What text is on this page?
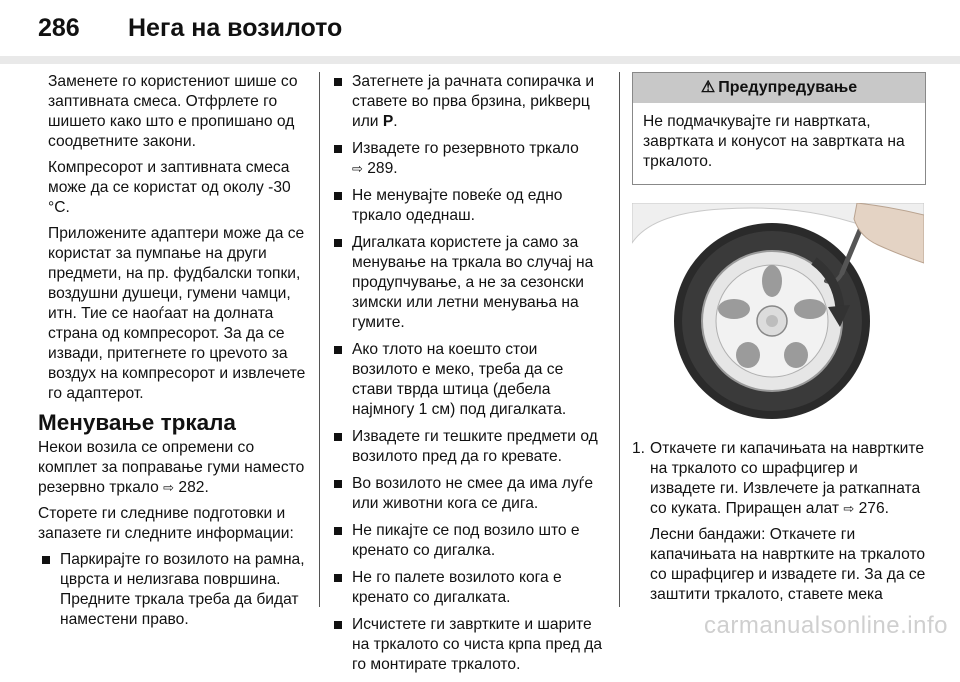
286	Нега на возилото

Заменете го користениот шише со заптивната смеса. Отфрлете го шишето како што е пропишано од соодветните закони.

Компресорот и заптивната смеса може да се користат од околу -30 °C.

Приложените адаптери може да се користат за пумпање на други предмети, на пр. фудбалски топки, воздушни душеци, гумени чамци, итн. Тие се наоѓаат на долната страна од компресорот. За да се извади, притегнете го црevото за воздух на компресорот и извлечете го адаптерот.

Менување тркала

Некои возила се опремени со комплет за поправање гуми наместо резервно тркало ⇨ 282.

Сторете ги следниве подготовки и запазете ги следните информации:

Паркирајте го возилото на рамна, цврста и нелизгава површина. Предните тркала треба да бидат наместени право.
Затегнете ја рачната сопирачка и ставете во прва брзина, риkверц или P.
Извадете го резервното тркало
⇨ 289.
Не менувајте повеќе од едно тркало одеднаш.
Дигалката користете ја само за менување на тркала во случај на продупчување, а не за сезонски зимски или летни менувања на гумите.
Ако тлото на коешто стои возилото е меко, треба да се стави тврда штица (дебела најмногу 1 см) под дигалката.
Извадете ги тешките предмети од возилото пред да го кревате.
Во возилото не смее да има луѓе или животни кога се дига.
Не пикајте се под возило што е кренато со дигалка.
Не го палете возилото кога е кренато со дигалката.
Исчистете ги завртките и шарите на тркалото со чиста крпа пред да го монтирате тркалото.
⚠ Предупредување
Не подмачкувајте ги навртката, завртката и конусот на завртката на тркалото.
1. Откачете ги капачињата на навртките на тркалото со шрафцигер и извадете ги. Извлечете ја раткапната со куката. Приращен алат ⇨ 276.

Лесни бандажи: Откачете ги капачињата на навртките на тркалото со шрафцигер и извадете ги. За да се заштити тркалото, ставете мека

carmanualsonline.info
